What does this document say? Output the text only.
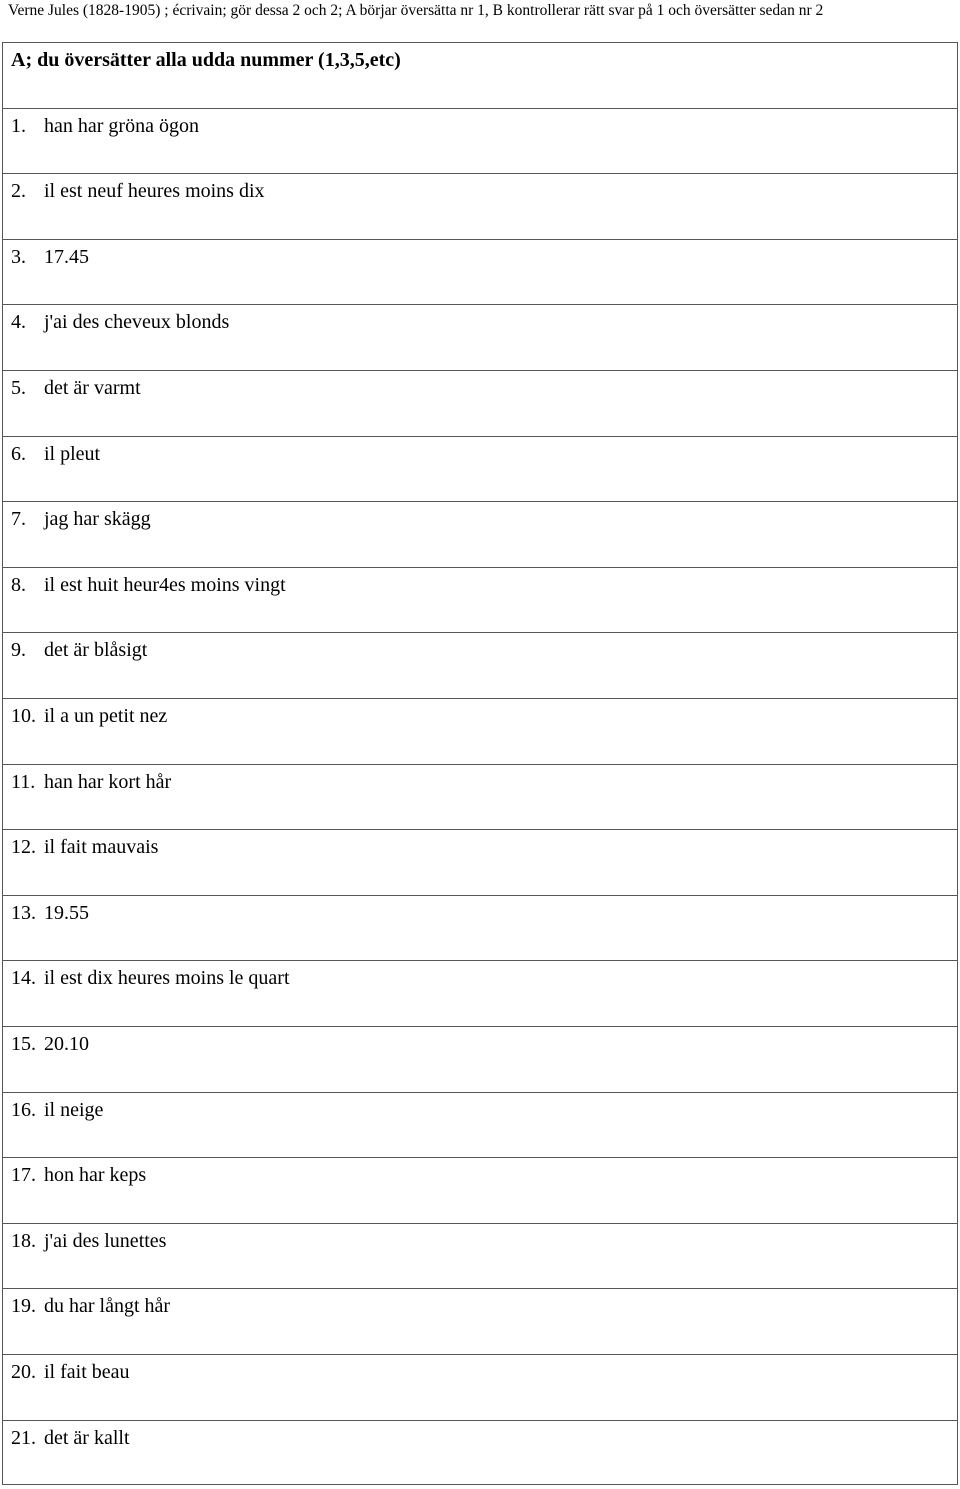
Verne Jules (1828-1905) ; écrivain; gör dessa 2 och 2; A börjar översätta nr 1, B kontrollerar rätt svar på 1 och översätter sedan nr 2
A; du översätter alla udda nummer (1,3,5,etc)
1. han har gröna ögon
2. il est neuf heures moins dix
3. 17.45
4. j'ai des cheveux blonds
5. det är varmt
6. il pleut
7. jag har skägg
8. il est huit heur4es moins vingt
9. det är blåsigt
10. il a un petit nez
11. han har kort hår
12. il fait mauvais
13. 19.55
14. il est dix heures moins le quart
15. 20.10
16. il neige
17. hon har keps
18. j'ai des lunettes
19. du har långt hår
20. il fait beau
21. det är kallt
